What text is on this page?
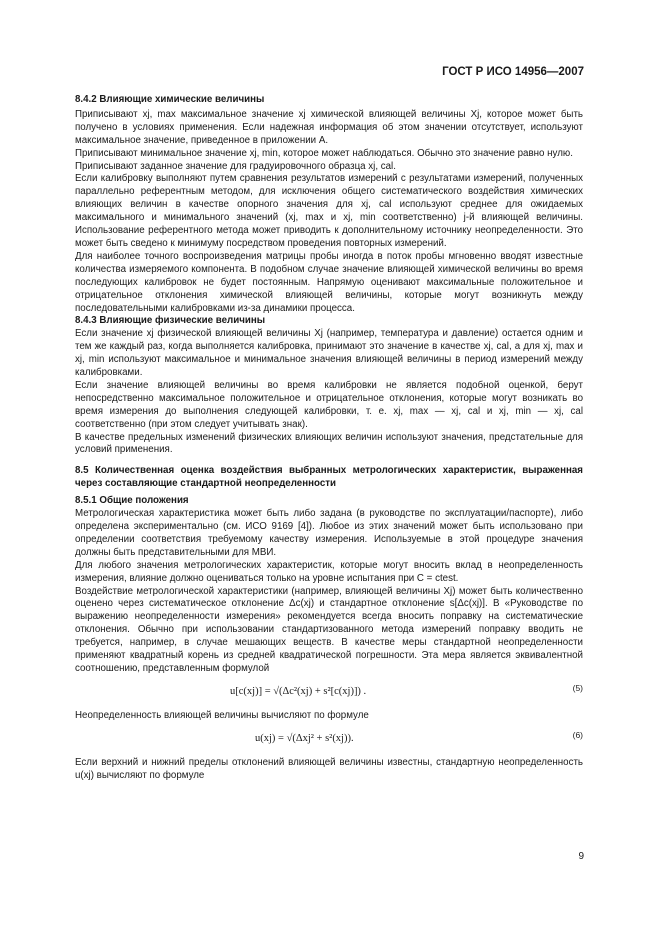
ГОСТ Р ИСО 14956—2007

8.4.2 Влияющие химические величины

Приписывают xj, max максимальное значение xj химической влияющей величины Xj, которое может быть получено в условиях применения. Если надежная информация об этом значении отсутствует, используют максимальное значение, приведенное в приложении А.

Приписывают минимальное значение xj, min, которое может наблюдаться. Обычно это значение равно нулю.

Приписывают заданное значение для градуировочного образца xj, cal.

Если калибровку выполняют путем сравнения результатов измерений с результатами измерений, полученных параллельно референтным методом, для исключения общего систематического воздействия химических влияющих величин в качестве опорного значения для xj, cal используют среднее для ожидаемых максимального и минимального значений (xj, max и xj, min соответственно) j-й влияющей величины. Использование референтного метода может приводить к дополнительному источнику неопределенности. Это может быть сведено к минимуму посредством проведения повторных измерений.

Для наиболее точного воспроизведения матрицы пробы иногда в поток пробы мгновенно вводят известные количества измеряемого компонента. В подобном случае значение влияющей химической величины во время последующих калибровок не будет постоянным. Напрямую оценивают максимальные положительное и отрицательное отклонения химической влияющей величины, которые могут возникнуть между последовательными калибровками из-за динамики процесса.

8.4.3 Влияющие физические величины

Если значение xj физической влияющей величины Xj (например, температура и давление) остается одним и тем же каждый раз, когда выполняется калибровка, принимают это значение в качестве xj, cal, а для xj, max и xj, min используют максимальное и минимальное значения влияющей величины в период измерений между калибровками.

Если значение влияющей величины во время калибровки не является подобной оценкой, берут непосредственно максимальное положительное и отрицательное отклонения, которые могут возникать во время измерения до выполнения следующей калибровки, т. е. xj, max — xj, cal и xj, min — xj, cal соответственно (при этом следует учитывать знак).

В качестве предельных изменений физических влияющих величин используют значения, предстательные для условий применения.

8.5 Количественная оценка воздействия выбранных метрологических характеристик, выраженная через составляющие стандартной неопределенности

8.5.1 Общие положения

Метрологическая характеристика может быть либо задана (в руководстве по эксплуатации/паспорте), либо определена экспериментально (см. ИСО 9169 [4]). Любое из этих значений может быть использовано при определении соответствия требуемому качеству измерения. Используемые в этой процедуре значения должны быть представительными для МВИ.

Для любого значения метрологических характеристик, которые могут вносить вклад в неопределенность измерения, влияние должно оцениваться только на уровне испытания при C = ctest.

Воздействие метрологической характеристики (например, влияющей величины Xj) может быть количественно оценено через систематическое отклонение Δc(xj) и стандартное отклонение s[Δc(xj)]. В «Руководстве по выражению неопределенности измерения» рекомендуется всегда вносить поправку на систематические отклонения. Обычно при использовании стандартизованного метода измерений поправку вводить не требуется, например, в случае мешающих веществ. В качестве меры стандартной неопределенности применяют квадратный корень из средней квадратической погрешности. Эта мера является эквивалентной соотношению, представленным формулой

u[c(xj)] = √(Δc²(xj) + s²[c(xj)]) .	(5)

Неопределенность влияющей величины вычисляют по формуле

u(xj) = √(Δxj² + s²(xj)).	(6)

Если верхний и нижний пределы отклонений влияющей величины известны, стандартную неопределенность u(xj) вычисляют по формуле

9
